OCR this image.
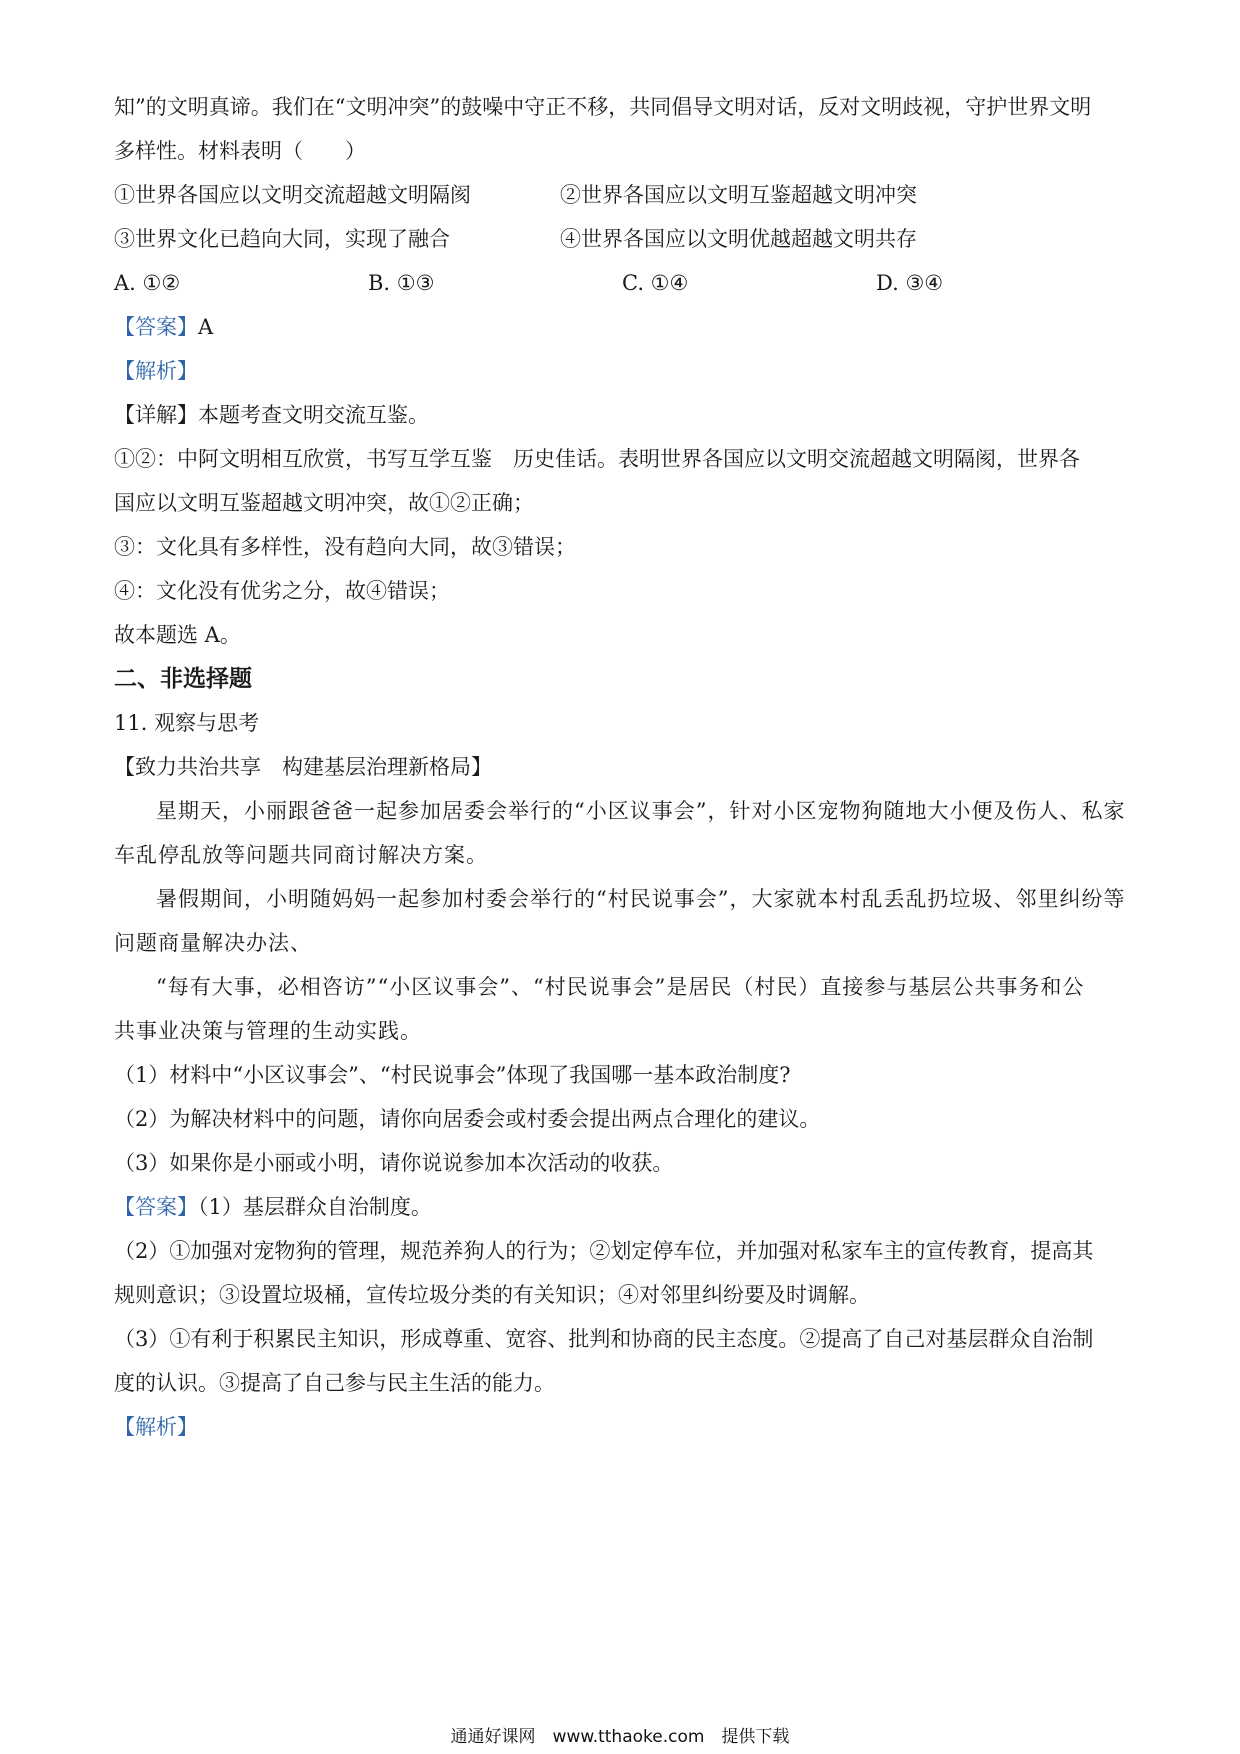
知”的文明真谛。我们在“文明冲突”的鼓噪中守正不移，共同倡导文明对话，反对文明歧视，守护世界文明
多样性。材料表明（　　）
①世界各国应以文明交流超越文明隔阂	②世界各国应以文明互鉴超越文明冲突
③世界文化已趋向大同，实现了融合	④世界各国应以文明优越超越文明共存
A. ①②	B. ①③	C. ①④	D. ③④
【答案】A
【解析】
【详解】本题考查文明交流互鉴。
①②：中阿文明相互欣赏，书写互学互鉴　历史佳话。表明世界各国应以文明交流超越文明隔阂，世界各
国应以文明互鉴超越文明冲突，故①②正确；
③：文化具有多样性，没有趋向大同，故③错误；
④：文化没有优劣之分，故④错误；
故本题选 A。
二、非选择题
11. 观察与思考
【致力共治共享　构建基层治理新格局】
星期天，小丽跟爸爸一起参加居委会举行的“小区议事会”，针对小区宠物狗随地大小便及伤人、私家
车乱停乱放等问题共同商讨解决方案。
暑假期间，小明随妈妈一起参加村委会举行的“村民说事会”，大家就本村乱丢乱扔垃圾、邻里纠纷等
问题商量解决办法、
“每有大事，必相咨访”“小区议事会”、“村民说事会”是居民（村民）直接参与基层公共事务和公
共事业决策与管理的生动实践。
（1）材料中“小区议事会”、“村民说事会”体现了我国哪一基本政治制度?
（2）为解决材料中的问题，请你向居委会或村委会提出两点合理化的建议。
（3）如果你是小丽或小明，请你说说参加本次活动的收获。
【答案】（1）基层群众自治制度。
（2）①加强对宠物狗的管理，规范养狗人的行为；②划定停车位，并加强对私家车主的宣传教育，提高其
规则意识；③设置垃圾桶，宣传垃圾分类的有关知识；④对邻里纠纷要及时调解。
（3）①有利于积累民主知识，形成尊重、宽容、批判和协商的民主态度。②提高了自己对基层群众自治制
度的认识。③提高了自己参与民主生活的能力。
【解析】
通通好课网　www.tthaoke.com　提供下载
